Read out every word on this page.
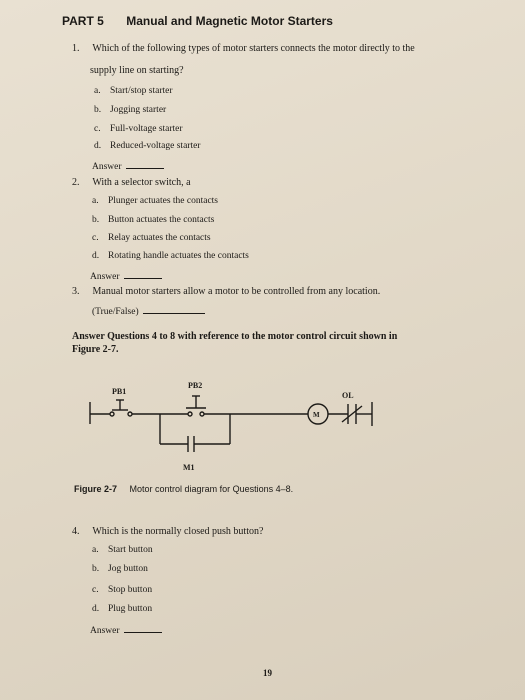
PART 5 Manual and Magnetic Motor Starters
1. Which of the following types of motor starters connects the motor directly to the
supply line on starting?
a. Start/stop starter
b. Jogging starter
c. Full-voltage starter
d. Reduced-voltage starter
Answer
2. With a selector switch, a
a. Plunger actuates the contacts
b. Button actuates the contacts
c. Relay actuates the contacts
d. Rotating handle actuates the contacts
Answer
3. Manual motor starters allow a motor to be controlled from any location.
(True/False)
Answer Questions 4 to 8 with reference to the motor control circuit shown in
Figure 2-7.
PB1
PB2
OL
M
M1
Figure 2-7 Motor control diagram for Questions 4–8.
4. Which is the normally closed push button?
a. Start button
b. Jog button
c. Stop button
d. Plug button
Answer
19
